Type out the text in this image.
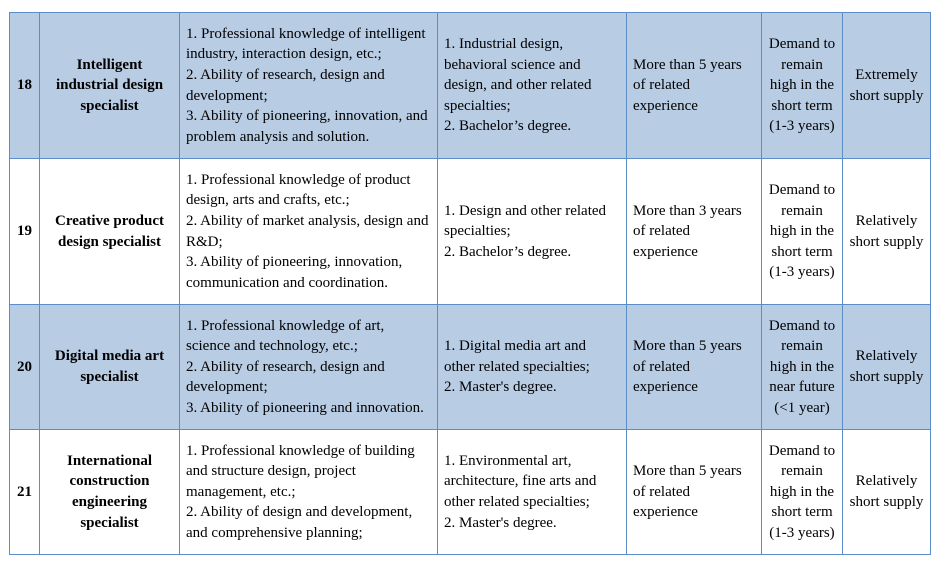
18	Intelligent industrial design specialist	1. Professional knowledge of intelligent industry, interaction design, etc.;
2. Ability of research, design and development;
3. Ability of pioneering, innovation, and problem analysis and solution.	1. Industrial design, behavioral science and design, and other related specialties;
2. Bachelor’s degree.	More than 5 years of related experience	Demand to remain high in the short term (1-3 years)	Extremely short supply
19	Creative product design specialist	1. Professional knowledge of product design, arts and crafts, etc.;
2. Ability of market analysis, design and R&D;
3. Ability of pioneering, innovation, communication and coordination.	1. Design and other related specialties;
2. Bachelor’s degree.	More than 3 years of related experience	Demand to remain high in the short term (1-3 years)	Relatively short supply
20	Digital media art specialist	1. Professional knowledge of art, science and technology, etc.;
2. Ability of research, design and development;
3. Ability of pioneering and innovation.	1. Digital media art and other related specialties;
2. Master's degree.	More than 5 years of related experience	Demand to remain high in the near future (<1 year)	Relatively short supply
21	International construction engineering specialist	1. Professional knowledge of building and structure design, project management, etc.;
2. Ability of design and development, and comprehensive planning;	1. Environmental art, architecture, fine arts and other related specialties;
2. Master's degree.	More than 5 years of related experience	Demand to remain high in the short term (1-3 years)	Relatively short supply
